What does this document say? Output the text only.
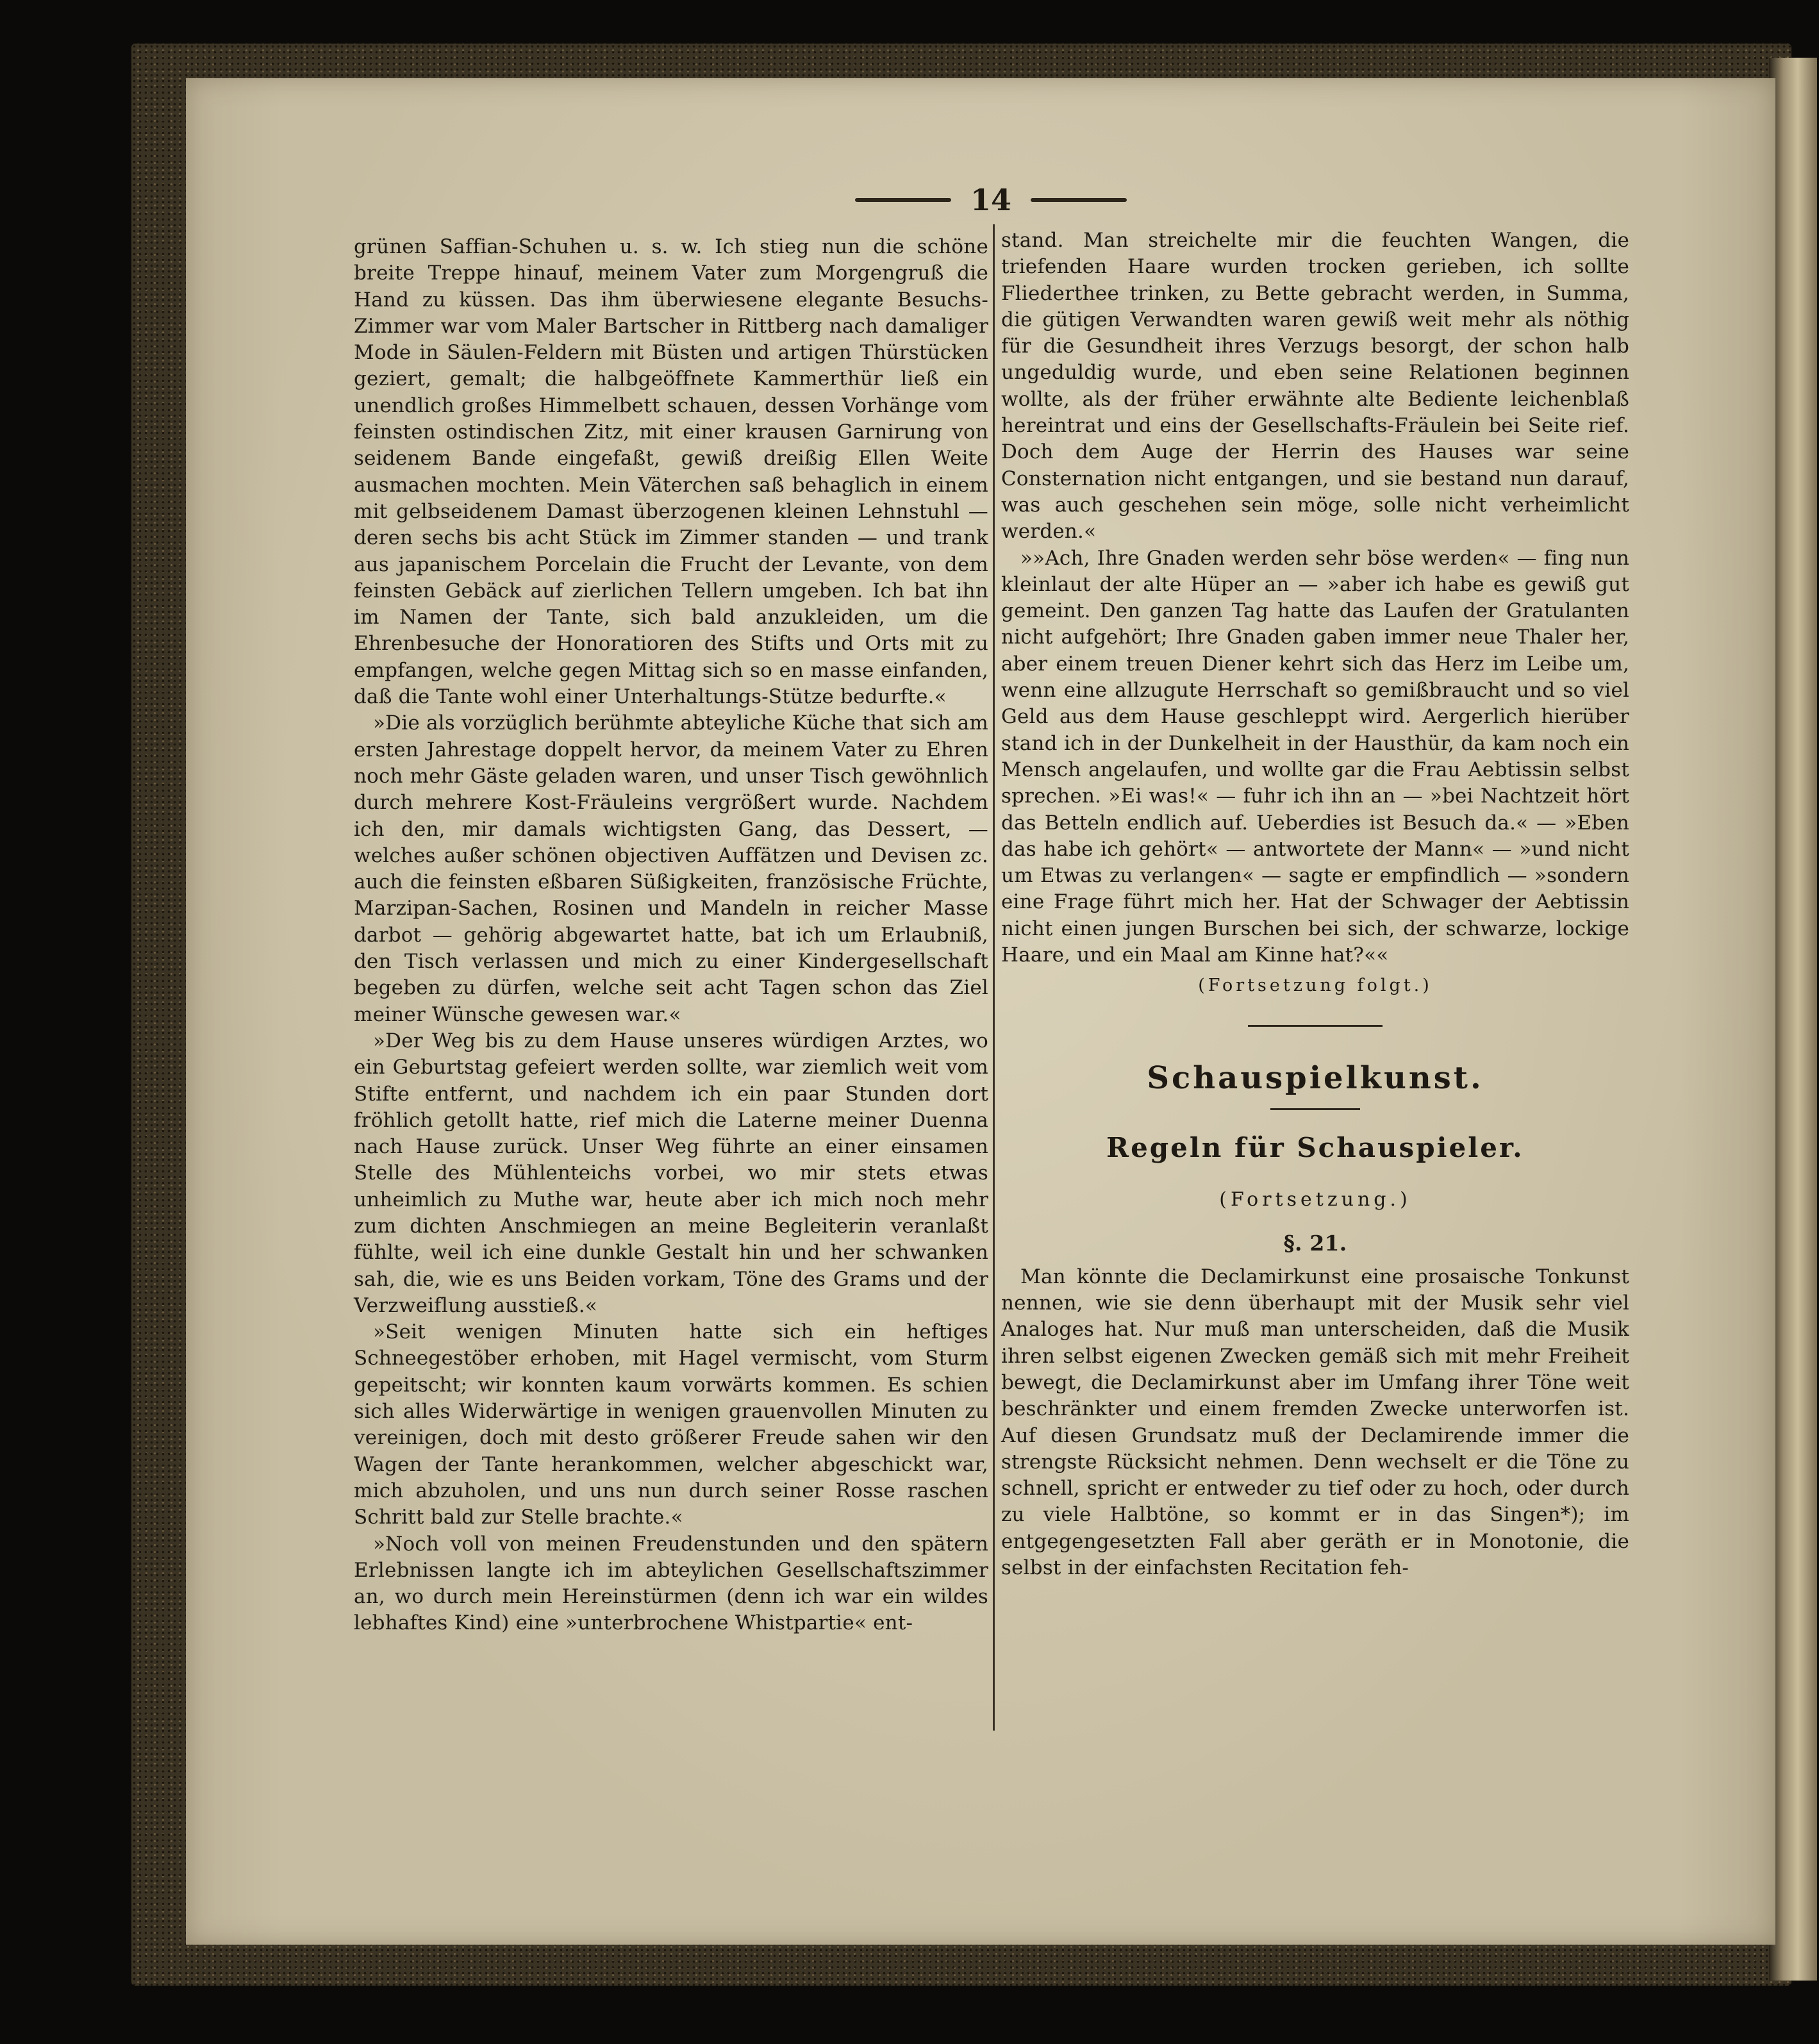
14

grünen Saffian-Schuhen u. s. w. Ich stieg nun die schöne breite Treppe hinauf, meinem Vater zum Morgengruß die Hand zu küssen. Das ihm überwiesene elegante Besuchs-Zimmer war vom Maler Bartscher in Rittberg nach damaliger Mode in Säulen-Feldern mit Büsten und artigen Thürstücken geziert, gemalt; die halbgeöffnete Kammerthür ließ ein unendlich großes Himmelbett schauen, dessen Vorhänge vom feinsten ostindischen Zitz, mit einer krausen Garnirung von seidenem Bande eingefaßt, gewiß dreißig Ellen Weite ausmachen mochten. Mein Väterchen saß behaglich in einem mit gelbseidenem Damast überzogenen kleinen Lehnstuhl — deren sechs bis acht Stück im Zimmer standen — und trank aus japanischem Porcelain die Frucht der Levante, von dem feinsten Gebäck auf zierlichen Tellern umgeben. Ich bat ihn im Namen der Tante, sich bald anzukleiden, um die Ehrenbesuche der Honoratioren des Stifts und Orts mit zu empfangen, welche gegen Mittag sich so en masse einfanden, daß die Tante wohl einer Unterhaltungs-Stütze bedurfte.«

»Die als vorzüglich berühmte abteyliche Küche that sich am ersten Jahrestage doppelt hervor, da meinem Vater zu Ehren noch mehr Gäste geladen waren, und unser Tisch gewöhnlich durch mehrere Kost-Fräuleins vergrößert wurde. Nachdem ich den, mir damals wichtigsten Gang, das Dessert, — welches außer schönen objectiven Auffätzen und Devisen zc. auch die feinsten eßbaren Süßigkeiten, französische Früchte, Marzipan-Sachen, Rosinen und Mandeln in reicher Masse darbot — gehörig abgewartet hatte, bat ich um Erlaubniß, den Tisch verlassen und mich zu einer Kindergesellschaft begeben zu dürfen, welche seit acht Tagen schon das Ziel meiner Wünsche gewesen war.«

»Der Weg bis zu dem Hause unseres würdigen Arztes, wo ein Geburtstag gefeiert werden sollte, war ziemlich weit vom Stifte entfernt, und nachdem ich ein paar Stunden dort fröhlich getollt hatte, rief mich die Laterne meiner Duenna nach Hause zurück. Unser Weg führte an einer einsamen Stelle des Mühlenteichs vorbei, wo mir stets etwas unheimlich zu Muthe war, heute aber ich mich noch mehr zum dichten Anschmiegen an meine Begleiterin veranlaßt fühlte, weil ich eine dunkle Gestalt hin und her schwanken sah, die, wie es uns Beiden vorkam, Töne des Grams und der Verzweiflung ausstieß.«

»Seit wenigen Minuten hatte sich ein heftiges Schneegestöber erhoben, mit Hagel vermischt, vom Sturm gepeitscht; wir konnten kaum vorwärts kommen. Es schien sich alles Widerwärtige in wenigen grauenvollen Minuten zu vereinigen, doch mit desto größerer Freude sahen wir den Wagen der Tante herankommen, welcher abgeschickt war, mich abzuholen, und uns nun durch seiner Rosse raschen Schritt bald zur Stelle brachte.«

»Noch voll von meinen Freudenstunden und den spätern Erlebnissen langte ich im abteylichen Gesellschaftszimmer an, wo durch mein Hereinstürmen (denn ich war ein wildes lebhaftes Kind) eine »unterbrochene Whistpartie« ent-

stand. Man streichelte mir die feuchten Wangen, die triefenden Haare wurden trocken gerieben, ich sollte Fliederthee trinken, zu Bette gebracht werden, in Summa, die gütigen Verwandten waren gewiß weit mehr als nöthig für die Gesundheit ihres Verzugs besorgt, der schon halb ungeduldig wurde, und eben seine Relationen beginnen wollte, als der früher erwähnte alte Bediente leichenblaß hereintrat und eins der Gesellschafts-Fräulein bei Seite rief. Doch dem Auge der Herrin des Hauses war seine Consternation nicht entgangen, und sie bestand nun darauf, was auch geschehen sein möge, solle nicht verheimlicht werden.«

»»Ach, Ihre Gnaden werden sehr böse werden« — fing nun kleinlaut der alte Hüper an — »aber ich habe es gewiß gut gemeint. Den ganzen Tag hatte das Laufen der Gratulanten nicht aufgehört; Ihre Gnaden gaben immer neue Thaler her, aber einem treuen Diener kehrt sich das Herz im Leibe um, wenn eine allzugute Herrschaft so gemißbraucht und so viel Geld aus dem Hause geschleppt wird. Aergerlich hierüber stand ich in der Dunkelheit in der Hausthür, da kam noch ein Mensch angelaufen, und wollte gar die Frau Aebtissin selbst sprechen. »Ei was!« — fuhr ich ihn an — »bei Nachtzeit hört das Betteln endlich auf. Ueberdies ist Besuch da.« — »Eben das habe ich gehört« — antwortete der Mann« — »und nicht um Etwas zu verlangen« — sagte er empfindlich — »sondern eine Frage führt mich her. Hat der Schwager der Aebtissin nicht einen jungen Burschen bei sich, der schwarze, lockige Haare, und ein Maal am Kinne hat?««

(Fortsetzung folgt.)

Schauspielkunst.

Regeln für Schauspieler.

(Fortsetzung.)

§. 21.

Man könnte die Declamirkunst eine prosaische Tonkunst nennen, wie sie denn überhaupt mit der Musik sehr viel Analoges hat. Nur muß man unterscheiden, daß die Musik ihren selbst eigenen Zwecken gemäß sich mit mehr Freiheit bewegt, die Declamirkunst aber im Umfang ihrer Töne weit beschränkter und einem fremden Zwecke unterworfen ist. Auf diesen Grundsatz muß der Declamirende immer die strengste Rücksicht nehmen. Denn wechselt er die Töne zu schnell, spricht er entweder zu tief oder zu hoch, oder durch zu viele Halbtöne, so kommt er in das Singen*); im entgegengesetzten Fall aber geräth er in Monotonie, die selbst in der einfachsten Recitation feh-
